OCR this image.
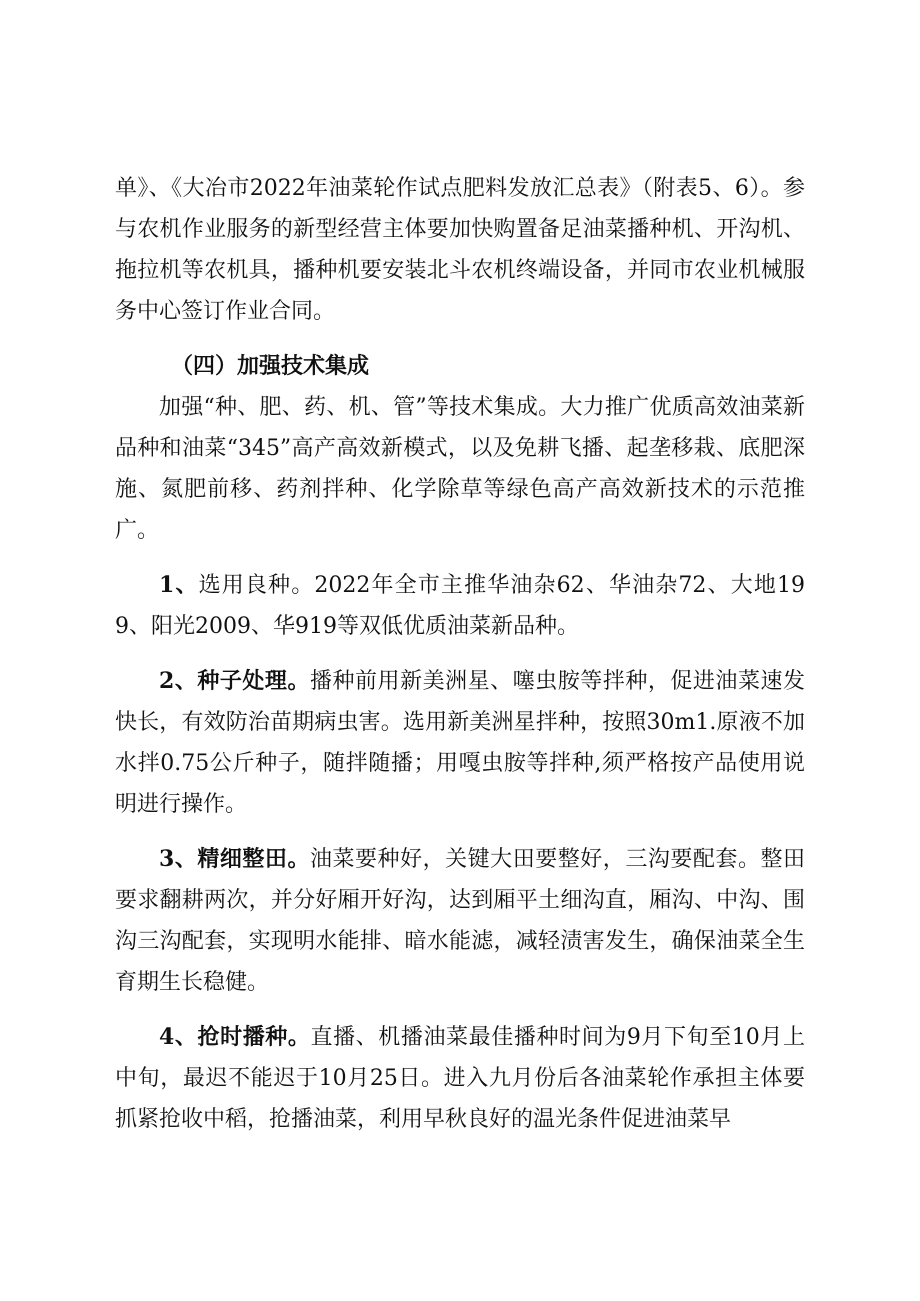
单》、《大冶市2022年油菜轮作试点肥料发放汇总表》（附表5、6）。参与农机作业服务的新型经营主体要加快购置备足油菜播种机、开沟机、拖拉机等农机具，播种机要安装北斗农机终端设备，并同市农业机械服务中心签订作业合同。

（四）加强技术集成

加强“种、肥、药、机、管”等技术集成。大力推广优质高效油菜新品种和油菜“345”高产高效新模式，以及免耕飞播、起垄移栽、底肥深施、氮肥前移、药剂拌种、化学除草等绿色高产高效新技术的示范推广。

1、选用良种。2022年全市主推华油杂62、华油杂72、大地199、阳光2009、华919等双低优质油菜新品种。

2、种子处理。播种前用新美洲星、噻虫胺等拌种，促进油菜速发快长，有效防治苗期病虫害。选用新美洲星拌种，按照30m1.原液不加水拌0.75公斤种子，随拌随播；用嘎虫胺等拌种,须严格按产品使用说明进行操作。

3、精细整田。油菜要种好，关键大田要整好，三沟要配套。整田要求翻耕两次，并分好厢开好沟，达到厢平土细沟直，厢沟、中沟、围沟三沟配套，实现明水能排、暗水能滤，减轻渍害发生，确保油菜全生育期生长稳健。

4、抢时播种。直播、机播油菜最佳播种时间为9月下旬至10月上中旬，最迟不能迟于10月25日。进入九月份后各油菜轮作承担主体要抓紧抢收中稻，抢播油菜，利用早秋良好的温光条件促进油菜早
